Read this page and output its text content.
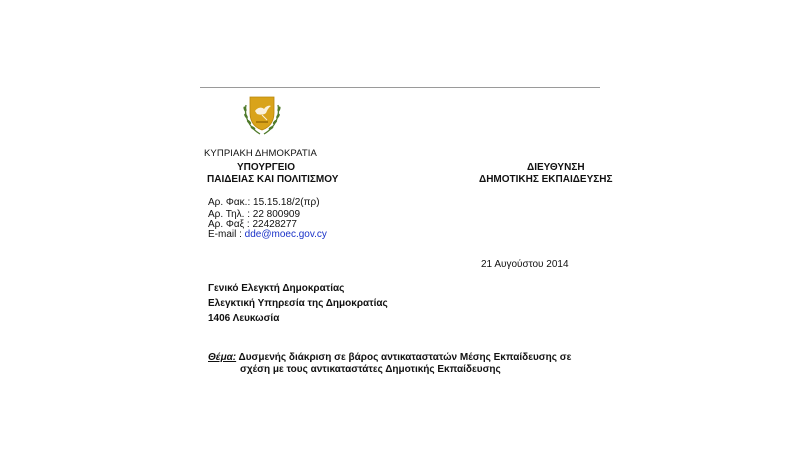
ΚΥΠΡΙΑΚΗ ΔΗΜΟΚΡΑΤΙΑ
ΥΠΟΥΡΓΕΙΟ
ΠΑΙΔΕΙΑΣ ΚΑΙ ΠΟΛΙΤΙΣΜΟΥ
ΔΙΕΥΘΥΝΣΗ
ΔΗΜΟΤΙΚΗΣ ΕΚΠΑΙΔΕΥΣΗΣ
Αρ. Φακ.: 15.15.18/2(πρ)
Αρ. Τηλ. : 22 800909
Αρ. Φαξ : 22428277
E-mail : dde@moec.gov.cy
21 Αυγούστου 2014
Γενικό Ελεγκτή Δημοκρατίας
Ελεγκτική Υπηρεσία της Δημοκρατίας
1406 Λευκωσία
Θέμα: Δυσμενής διάκριση σε βάρος αντικαταστατών Μέσης Εκπαίδευσης σε
σχέση με τους αντικαταστάτες Δημοτικής Εκπαίδευσης
